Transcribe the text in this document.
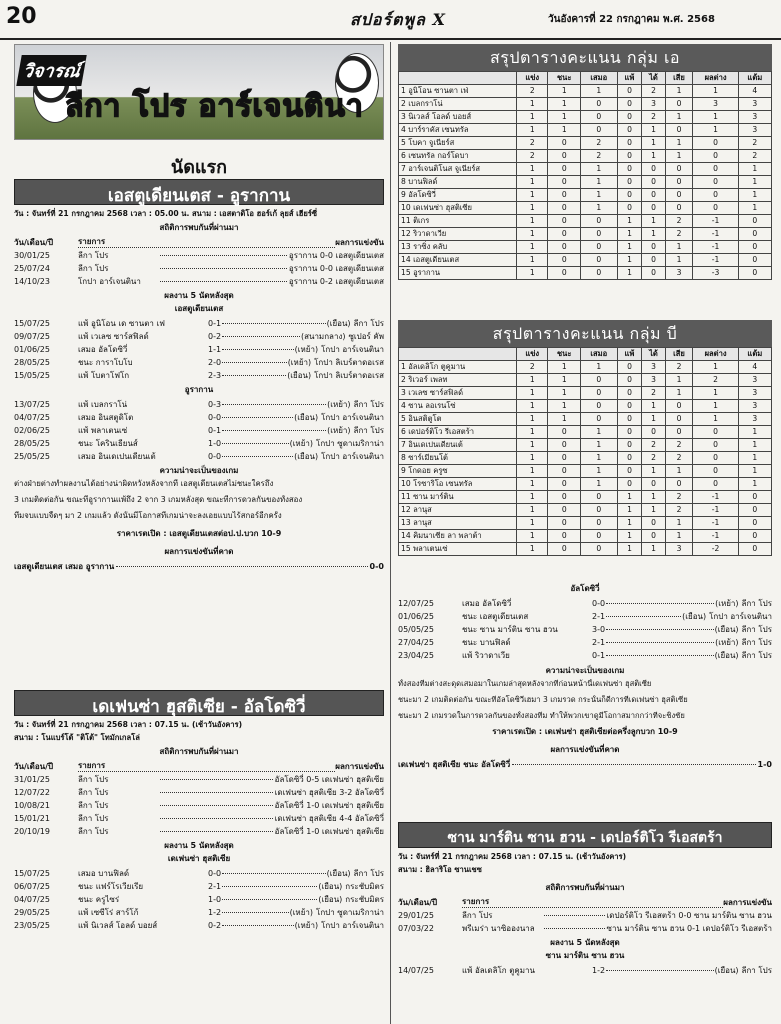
20	สปอร์ตพูล X	วันอังคารที่ 22 กรกฎาคม พ.ศ. 2568
วิจารณ์
ลีกา โปร อาร์เจนตินา
นัดแรก
เอสตูเดียนเตส - อูรากาน
วัน : จันทร์ที่ 21 กรกฎาคม 2568 เวลา : 05.00 น. สนาม : เอสตาดิโอ ฮอร์เก้ ลุยส์ เฮียร์ซี่
สถิติการพบกันที่ผ่านมา
วัน/เดือน/ปี	รายการ	ผลการแข่งขัน
30/01/25	ลีกา โปร	อูรากาน 0-0 เอสตูเดียนเตส
25/07/24	ลีกา โปร	อูรากาน 0-0 เอสตูเดียนเตส
14/10/23	โกปา อาร์เจนตินา	อูรากาน 0-2 เอสตูเดียนเตส
ผลงาน 5 นัดหลังสุด
เอสตูเดียนเตส
15/07/25	แพ้ อูนิโอน เด ซานตา เฟ	0-1	(เยือน) ลีกา โปร
09/07/25	แพ้ เวเลซ ซาร์สฟิลด์	0-2	(สนามกลาง) ซูเปอร์ คัพ
01/06/25	เสมอ อัลโดซิวี่	1-1	(เหย้า) โกปา อาร์เจนตินา
28/05/25	ชนะ การาโบโบ	2-0	(เหย้า) โกปา ลิเบร์ตาดอเรส
15/05/25	แพ้ โบตาโฟโก	2-3	(เยือน) โกปา ลิเบร์ตาดอเรส
อูรากาน
13/07/25	แพ้ เบลกราโน่	0-3	(เหย้า) ลีกา โปร
04/07/25	เสมอ อินสตูดิโต	0-0	(เยือน) โกปา อาร์เจนตินา
02/06/25	แพ้ พลาเตนเซ่	0-1	(เหย้า) ลีกา โปร
28/05/25	ชนะ โครินเธียนส์	1-0	(เหย้า) โกปา ซูดาเมริกาน่า
25/05/25	เสมอ อินเดเปนเดียนเต้	0-0	(เยือน) โกปา อาร์เจนตินา
ความน่าจะเป็นของเกม
ต่างฝ่ายต่างทำผลงานได้อย่างน่าผิดหวังหลังจากที่ เอสตูเดียนเตสไม่ชนะใครถึง
3 เกมติดต่อกัน ขณะที่อูรากานแพ้ถึง 2 จาก 3 เกมหลังสุด ขณะที่การดวลกันของทั้งสอง
ทีมจบแบบจืดๆ มา 2 เกมแล้ว ดังนั้นมีโอกาสที่เกมน่าจะลงเอยแบบไร้สกอร์อีกครั้ง
ราคาเรตเปิด : เอสตูเดียนเตสต่อป.ป.บวก 10-9
ผลการแข่งขันที่คาด
เอสตูเดียนเตส เสมอ อูรากาน	0-0
เดเฟนซ่า ฮุสติเซีย - อัลโดซิวี่
วัน : จันทร์ที่ 21 กรกฎาคม 2568 เวลา : 07.15 น. (เช้าวันอังคาร)
สนาม : โนแบร์โต้ "ติโต้" โทมักเกลโล่
สถิติการพบกันที่ผ่านมา
วัน/เดือน/ปี	รายการ	ผลการแข่งขัน
31/01/25	ลีกา โปร	อัลโดซิวี่ 0-5 เดเฟนซ่า ฮุสติเซีย
12/07/22	ลีกา โปร	เดเฟนซ่า ฮุสติเซีย 3-2 อัลโดซิวี่
10/08/21	ลีกา โปร	อัลโดซิวี่ 1-0 เดเฟนซ่า ฮุสติเซีย
15/01/21	ลีกา โปร	เดเฟนซ่า ฮุสติเซีย 4-4 อัลโดซิวี่
20/10/19	ลีกา โปร	อัลโดซิวี่ 1-0 เดเฟนซ่า ฮุสติเซีย
ผลงาน 5 นัดหลังสุด
เดเฟนซ่า ฮุสติเซีย
15/07/25	เสมอ บานฟิลด์	0-0	(เยือน) ลีกา โปร
06/07/25	ชนะ แฟร์โรเวียเรีย	2-1	(เยือน) กระชับมิตร
04/07/25	ชนะ ครูไซร่	1-0	(เยือน) กระชับมิตร
29/05/25	แพ้ เซซีโร่ สาร์โก้	1-2	(เหย้า) โกปา ซูดาเมริกาน่า
23/05/25	แพ้ นิเวลส์ โอลด์ บอยส์	0-2	(เหย้า) โกปา อาร์เจนตินา
สรุปตารางคะแนน กลุ่ม เอ
	แข่ง	ชนะ	เสมอ	แพ้	ได้	เสีย	ผลต่าง	แต้ม
1 อูนิโอน ซานตา เฟ่	2	1	1	0	2	1	1	4
2 เบลกราโน่	1	1	0	0	3	0	3	3
3 นิเวลส์ โอลด์ บอยส์	1	1	0	0	2	1	1	3
4 บาร์ราคัส เซนทรัล	1	1	0	0	1	0	1	3
5 โบคา จูเนียร์ส	2	0	2	0	1	1	0	2
6 เซนทรัล กอร์โดบา	2	0	2	0	1	1	0	2
7 อาร์เจนติโนส จูเนียร์ส	1	0	1	0	0	0	0	1
8 บานฟิลด์	1	0	1	0	0	0	0	1
9 อัลโดซิวี่	1	0	1	0	0	0	0	1
10 เดเฟนซ่า ฮุสติเซีย	1	0	1	0	0	0	0	1
11 ติเกร	1	0	0	1	1	2	-1	0
12 ริวาดาเวีย	1	0	0	1	1	2	-1	0
13 ราซิ่ง คลับ	1	0	0	1	0	1	-1	0
14 เอสตูเดียนเตส	1	0	0	1	0	1	-1	0
15 อูรากาน	1	0	0	1	0	3	-3	0
สรุปตารางคะแนน กลุ่ม บี
	แข่ง	ชนะ	เสมอ	แพ้	ได้	เสีย	ผลต่าง	แต้ม
1 อัลเดลิโก ตูคูมาน	2	1	1	0	3	2	1	4
2 ริเวอร์ เพลท	1	1	0	0	3	1	2	3
3 เวเลซ ซาร์สฟิลด์	1	1	0	0	2	1	1	3
4 ซาน ลอเรนโซ่	1	1	0	0	1	0	1	3
5 อินสติตูโต	1	1	0	0	1	0	1	3
6 เดปอร์ติโว รีเอสตร้า	1	0	1	0	0	0	0	1
7 อินเดเปนเดียนเต้	1	0	1	0	2	2	0	1
8 ซาร์เมียนโต้	1	0	1	0	2	2	0	1
9 โกดอย ครูซ	1	0	1	0	1	1	0	1
10 โรซาริโอ เซนทรัล	1	0	1	0	0	0	0	1
11 ซาน มาร์ติน	1	0	0	1	1	2	-1	0
12 ลานุส	1	0	0	1	1	2	-1	0
13 ลานุส	1	0	0	1	0	1	-1	0
14 คิมนาเซีย ลา พลาต้า	1	0	0	1	0	1	-1	0
15 พลาเตนเซ่	1	0	0	1	1	3	-2	0
อัลโดซิวี่
12/07/25	เสมอ อัลโดซิวี่	0-0	(เหย้า) ลีกา โปร
01/06/25	ชนะ เอสตูเดียนเตส	2-1	(เยือน) โกปา อาร์เจนตินา
05/05/25	ชนะ ซาน มาร์ติน ซาน ฮวน	3-0	(เยือน) ลีกา โปร
27/04/25	ชนะ บานฟิลด์	2-1	(เหย้า) ลีกา โปร
23/04/25	แพ้ ริวาดาเวีย	0-1	(เยือน) ลีกา โปร
ความน่าจะเป็นของเกม
ทั้งสองทีมต่างสะดุดเสมอมาในเกมล่าสุดหลังจากที่ก่อนหน้านี้เดเฟนซ่า ฮุสติเซีย
ชนะมา 2 เกมติดต่อกัน ขณะที่อัลโดซิวี่เฮมา 3 เกมรวด กระนั้นก็ดีการที่เดเฟนซ่า ฮุสติเซีย
ชนะมา 2 เกมรวดในการดวลกันของทั้งสองทีม ทำให้พวกเขาดูมีโอกาสมากกว่าที่จะชิงชัย
ราคาเรตเปิด : เดเฟนซ่า ฮุสติเซียต่อครึ่งลูกบวก 10-9
ผลการแข่งขันที่คาด
เดเฟนซ่า ฮุสติเซีย ชนะ อัลโดซิวี่	1-0
ซาน มาร์ติน ซาน ฮวน - เดปอร์ติโว รีเอสตร้า
วัน : จันทร์ที่ 21 กรกฎาคม 2568 เวลา : 07.15 น. (เช้าวันอังคาร)
สนาม : ฮิลาริโอ ซานเชซ
สถิติการพบกันที่ผ่านมา
วัน/เดือน/ปี	รายการ	ผลการแข่งขัน
29/01/25	ลีกา โปร	เดปอร์ติโว รีเอสตร้า 0-0 ซาน มาร์ติน ซาน ฮวน
07/03/22	พรีเมร่า นาซิอองนาล	ซาน มาร์ติน ซาน ฮวน 0-1 เดปอร์ติโว รีเอสตร้า
ผลงาน 5 นัดหลังสุด
ซาน มาร์ติน ซาน ฮวน
14/07/25	แพ้ อัลเดลิโก ตูคูมาน	1-2	(เยือน) ลีกา โปร
